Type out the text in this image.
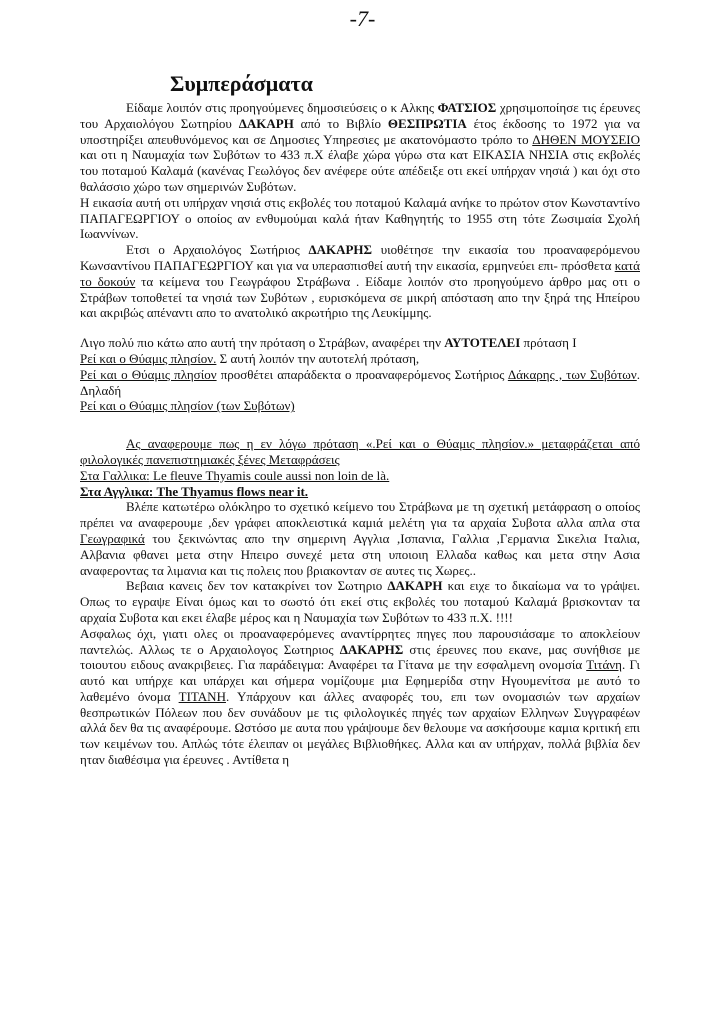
-7-
Συμπεράσματα

Είδαμε λοιπόν στις προηγούμενες δημοσιεύσεις ο κ Αλκης ΦΑΤΣΙΟΣ χρησιμοποίησε τις έρευνες του Αρχαιολόγου Σωτηρίου ΔΑΚΑΡΗ από το Βιβλίο ΘΕΣΠΡΩΤΙΑ έτος έκδοσης το 1972 για να υποστηρίξει απευθυνόμενος και σε Δημοσιες Υπηρεσιες με ακατονόμαστο τρόπο το ΔΗΘΕΝ ΜΟΥΣΕΙΟ και οτι η Ναυμαχία των Συβότων το 433 π.Χ έλαβε χώρα γύρω στα κατ ΕΙΚΑΣΙΑ ΝΗΣΙΑ στις εκβολές του ποταμού Καλαμά (κανένας Γεωλόγος δεν ανέφερε ούτε απέδειξε οτι εκεί υπήρχαν νησιά ) και όχι στο θαλάσσιο χώρο των σημερινών Συβότων.

Η εικασία αυτή οτι υπήρχαν νησιά στις εκβολές του ποταμού Καλαμά ανήκε το πρώτον στον Κωνσταντίνο ΠΑΠΑΓΕΩΡΓΙΟΥ ο οποίος αν ενθυμούμαι καλά ήταν Καθηγητής το 1955 στη τότε Ζωσιμαία Σχολή Ιωαννίνων.

Ετσι ο Αρχαιολόγος Σωτήριος ΔΑΚΑΡΗΣ υιοθέτησε την εικασία του προαναφερόμενου Κωνσαντίνου ΠΑΠΑΓΕΩΡΓΙΟΥ και για να υπερασπισθεί αυτή την εικασία, ερμηνεύει επι- πρόσθετα κατά το δοκούν τα κείμενα του Γεωγράφου Στράβωνα . Είδαμε λοιπόν στο προηγούμενο άρθρο μας οτι ο Στράβων τοποθετεί τα νησιά των Συβότων , ευρισκόμενα σε μικρή απόσταση απο την ξηρά της Ηπείρου και ακριβώς απέναντι απο το ανατολικό ακρωτήριο της Λευκίμμης.

Λιγο πολύ πιο κάτω απο αυτή την πρόταση ο Στράβων, αναφέρει την ΑΥΤΟΤΕΛΕΙ πρόταση Ι

Ρεί και ο Θύαμις πλησίον. Σ αυτή λοιπόν την αυτοτελή πρόταση,

Ρεί και ο Θύαμις πλησίον προσθέτει απαράδεκτα ο προαναφερόμενος Σωτήριος Δάκαρης , των Συβότων. Δηλαδή

Ρεί και ο Θύαμις πλησίον (των Συβότων)

Ας αναφερουμε πως η εν λόγω πρόταση «.Ρεί και ο Θύαμις πλησίον.» μεταφράζεται από φιλολογικές πανεπιστημιακές ξένες Μεταφράσεις

Στα Γαλλικα: Le fleuve Thyamis coule aussi non loin de là.

Στα Αγγλικα: The Thyamus flows near it.

Βλέπε κατωτέρω ολόκληρο το σχετικό κείμενο του Στράβωνα με τη σχετική μετάφραση ο οποίος πρέπει να αναφερουμε ,δεν γράφει αποκλειστικά καμιά μελέτη για τα αρχαία Συβοτα αλλα απλα στα Γεωγραφικά του ξεκινώντας απο την σημερινη Αγγλια ,Ισπανια, Γαλλια ,Γερμανια Σικελια Ιταλια, Αλβανια φθανει μετα στην Ηπειρο συνεχέ μετα στη υποιοιη Ελλαδα καθως και μετα στην Ασια αναφεροντας τα λιμανια και τις πολεις που βριακονταν σε αυτες τις Χωρες..

Βεβαια κανεις δεν τον κατακρίνει τον Σωτηριο ΔΑΚΑΡΗ και ειχε το δικαίωμα να το γράψει. Οπως το εγραψε Είναι όμως και το σωστό ότι εκεί στις εκβολές του ποταμού Καλαμά βρισκονταν τα αρχαία Συβοτα και εκει έλαβε μέρος και η Ναυμαχία των Συβότων το 433 π.Χ. !!!!

Ασφαλως όχι, γιατι ολες οι προαναφερόμενες αναντίρρητες πηγες που παρουσιάσαμε το αποκλείουν παντελώς. Αλλως τε ο Αρχαιολογος Σωτηριος ΔΑΚΑΡΗΣ στις έρευνες που εκανε, μας συνήθισε με τοιουτου ειδους ανακριβειες. Για παράδειγμα: Αναφέρει τα Γίτανα με την εσφαλμενη ονομσία Τιτάνη. Γι αυτό και υπήρχε και υπάρχει και σήμερα νομίζουμε μια Εφημερίδα στην Ηγουμενίτσα με αυτό το λαθεμένο όνομα ΤΙΤΑΝΗ. Υπάρχουν και άλλες αναφορές του, επι των ονομασιών των αρχαίων θεσπρωτικών Πόλεων που δεν συνάδουν με τις φιλολογικές πηγές των αρχαίων Ελληνων Συγγραφέων αλλά δεν θα τις αναφέρουμε. Ωστόσο με αυτα που γράψουμε δεν θελουμε να ασκήσουμε καμια κριτική επι των κειμένων του. Απλώς τότε έλειπαν οι μεγάλες Βιβλιοθήκες. Αλλα και αν υπήρχαν, πολλά βιβλία δεν ηταν διαθέσιμα για έρευνες . Αντίθετα η
